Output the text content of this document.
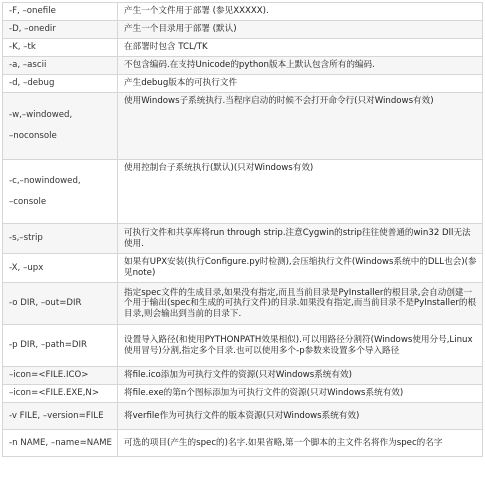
-F, –onefile	产生一个文件用于部署 (参见XXXXX).
-D, –onedir	产生一个目录用于部署 (默认)
-K, –tk	在部署时包含 TCL/TK
-a, –ascii	不包含编码.在支持Unicode的python版本上默认包含所有的编码.
-d, –debug	产生debug版本的可执行文件
-w,–windowed,

–noconsole	使用Windows子系统执行.当程序启动的时候不会打开命令行(只对Windows有效)
-c,–nowindowed,

–console	使用控制台子系统执行(默认)(只对Windows有效)
-s,–strip	可执行文件和共享库将run through strip.注意Cygwin的strip往往使普通的win32 Dll无法使用.
-X, –upx	如果有UPX安装(执行Configure.py时检测),会压缩执行文件(Windows系统中的DLL也会)(参见note)
-o DIR, –out=DIR	指定spec文件的生成目录,如果没有指定,而且当前目录是PyInstaller的根目录,会自动创建一个用于输出(spec和生成的可执行文件)的目录.如果没有指定,而当前目录不是PyInstaller的根目录,则会输出到当前的目录下.
-p DIR, –path=DIR	设置导入路径(和使用PYTHONPATH效果相似).可以用路径分割符(Windows使用分号,Linux使用冒号)分割,指定多个目录.也可以使用多个-p参数来设置多个导入路径
–icon=<FILE.ICO>	将file.ico添加为可执行文件的资源(只对Windows系统有效)
–icon=<FILE.EXE,N>	将file.exe的第n个图标添加为可执行文件的资源(只对Windows系统有效)
-v FILE, –version=FILE	将verfile作为可执行文件的版本资源(只对Windows系统有效)
-n NAME, –name=NAME	可选的项目(产生的spec的)名字.如果省略,第一个脚本的主文件名将作为spec的名字
